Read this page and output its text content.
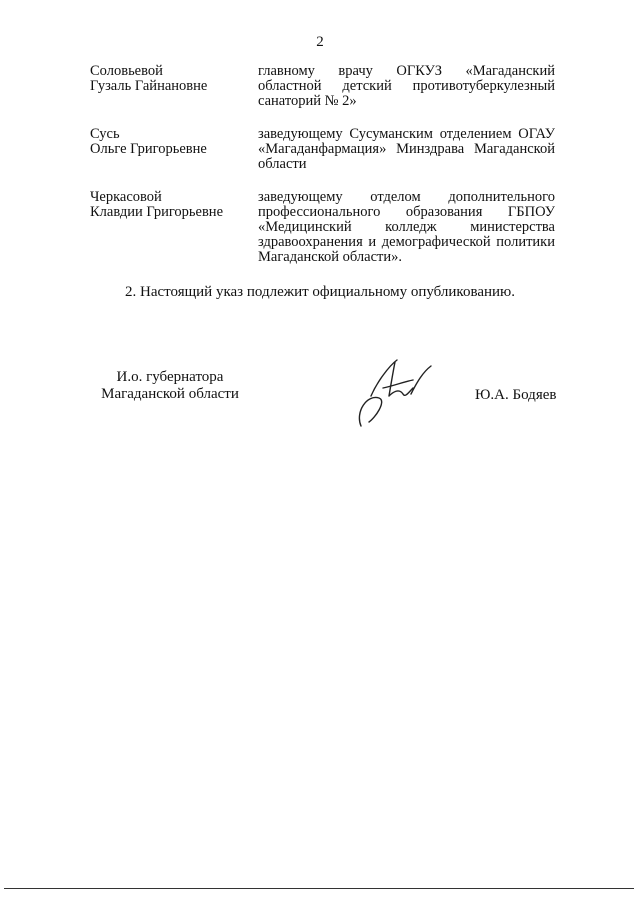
2
Соловьевой
Гузаль Гайнановне
главному врачу ОГКУЗ «Магаданский областной детский противотуберкулезный санаторий № 2»
Сусь
Ольге Григорьевне
заведующему Сусуманским отделением ОГАУ «Магаданфармация» Минздрава Магаданской области
Черкасовой
Клавдии Григорьевне
заведующему отделом дополнительного профессионального образования ГБПОУ «Медицинский колледж министерства здравоохранения и демографической политики Магаданской области».
2. Настоящий указ подлежит официальному опубликованию.
И.о. губернатора
Магаданской области	Ю.А. Бодяев
